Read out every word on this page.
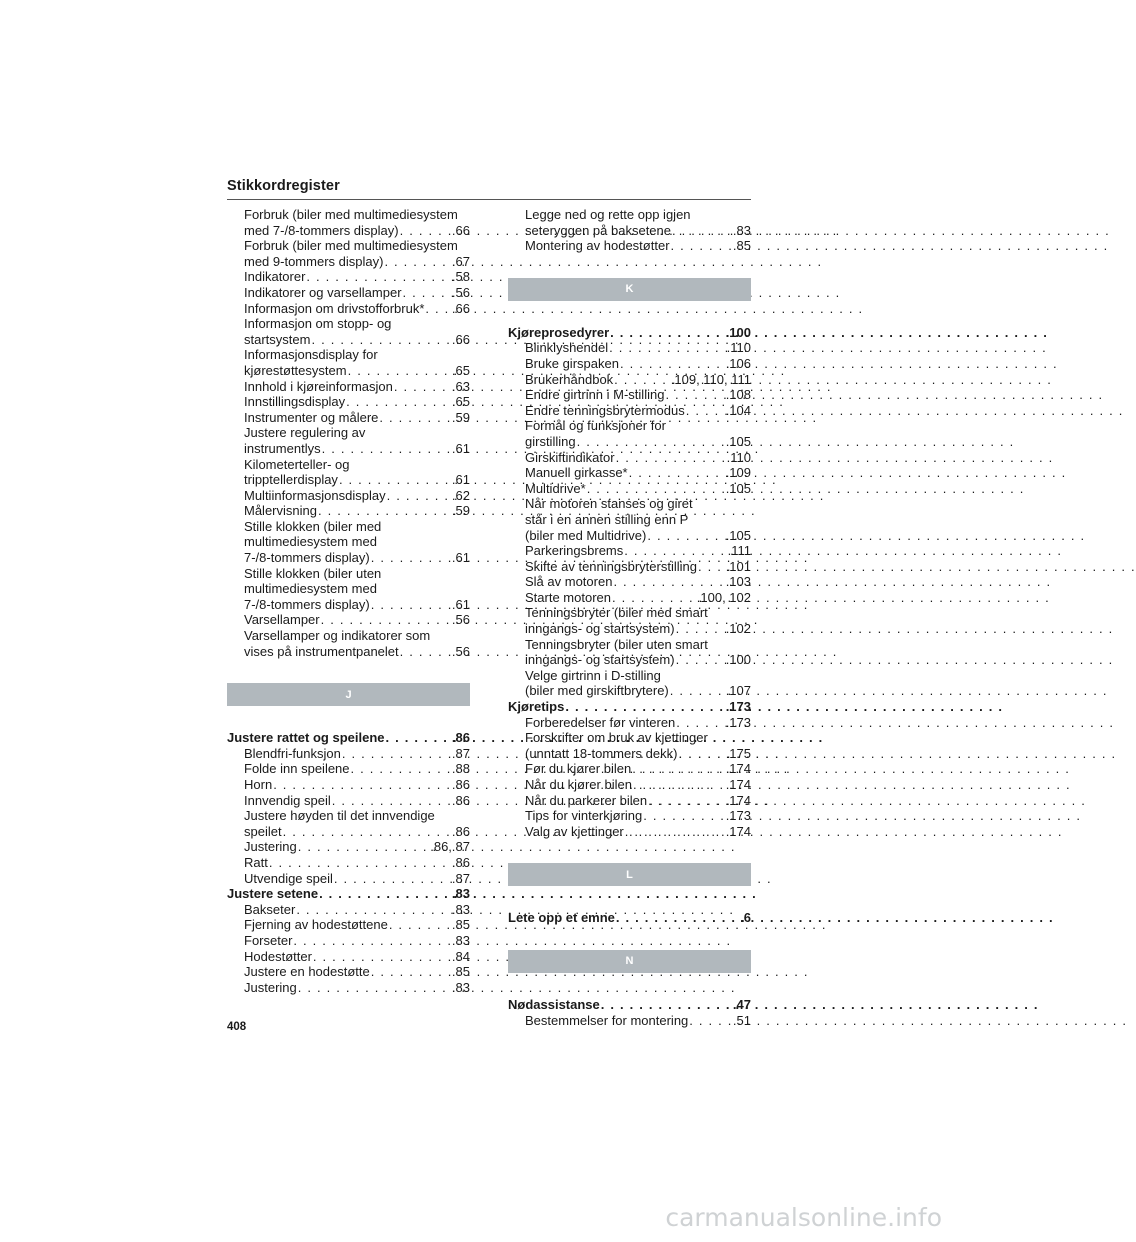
Stikkordregister
Forbruk (biler med multimediesystem
med 7-/8-tommers display) . . .	.66
Forbruk (biler med multimediesystem
med 9-tommers display) . . .	.67
Indikatorer . . .	.58
Indikatorer og varsellamper . . .	.56
Informasjon om drivstofforbruk* . . . .66
Informasjon om stopp- og
startsystem . . .	.66
Informasjonsdisplay for
kjørestøttesystem . . .	.65
Innhold i kjøreinformasjon . . .	.63
Innstillingsdisplay . . .	.65
Instrumenter og målere . . .	.59
Justere regulering av
instrumentlys . . .	.61
Kilometerteller- og
tripptellerdisplay . . .	.61
Multiinformasjonsdisplay . . .	.62
Målervisning . . .	.59
Stille klokken (biler med
multimediesystem med
7-/8-tommers display) . . .	.61
Stille klokken (biler uten
multimediesystem med
7-/8-tommers display) . . .	.61
Varsellamper . . .	.56
Varsellamper og indikatorer som
vises på instrumentpanelet . . .	.56
J
Justere rattet og speilene . . .	.86
Blendfri-funksjon . . .	.87
Folde inn speilene . . .	.88
Horn . . .	.86
Innvendig speil . . .	.86
Justere høyden til det innvendige
speilet . . .	.86
Justering . . .	.86, 87
Ratt . . .	.86
Utvendige speil . . .	.87
Justere setene . . .	.83
Bakseter . . .	.83
Fjerning av hodestøttene . . .	.85
Forseter . . .	.83
Hodestøtter . . .	.84
Justere en hodestøtte . . .	.85
Justering . . .	.83
Legge ned og rette opp igjen
seteryggen på baksetene . . .	.83
Montering av hodestøtter . . .	.85
K
Kjøreprosedyrer . . .	.100
Blinklyshendel . . .	.110
Bruke girspaken . . .	.106
Brukerhåndbok . . .	.109, 110, 111
Endre girtrinn i M-stilling . . .	.108
Endre tenningsbrytermodus . . .	.104
Formål og funksjoner for
girstilling . . .	.105
Girskiftindikator . . .	.110
Manuell girkasse* . . .	.109
Multidrive* . . .	.105
Når motoren stanses og giret
står i en annen stilling enn P
(biler med Multidrive) . . .	.105
Parkeringsbrems . . .	.111
Skifte av tenningsbryterstilling . . . .101
Slå av motoren . . .	.103
Starte motoren . . .	.100, 102
Tenningsbryter (biler med smart
inngangs- og startsystem) . . .	.102
Tenningsbryter (biler uten smart
inngangs- og startsystem) . . .	.100
Velge girtrinn i D-stilling
(biler med girskiftbrytere) . . .	.107
Kjøretips . . .	.173
Forberedelser før vinteren . . .	.173
Forskrifter om bruk av kjettinger
(unntatt 18-tommers dekk) . . .	.175
Før du kjører bilen . . .	.174
Når du kjører bilen . . .	.174
Når du parkerer bilen . . .	.174
Tips for vinterkjøring . . .	.173
Valg av kjettinger . . .	.174
L
Lete opp et emne . . .	.6
N
Nødassistanse . . .	.47
Bestemmelser for montering . . .	.51
408
carmanualsonline.info
